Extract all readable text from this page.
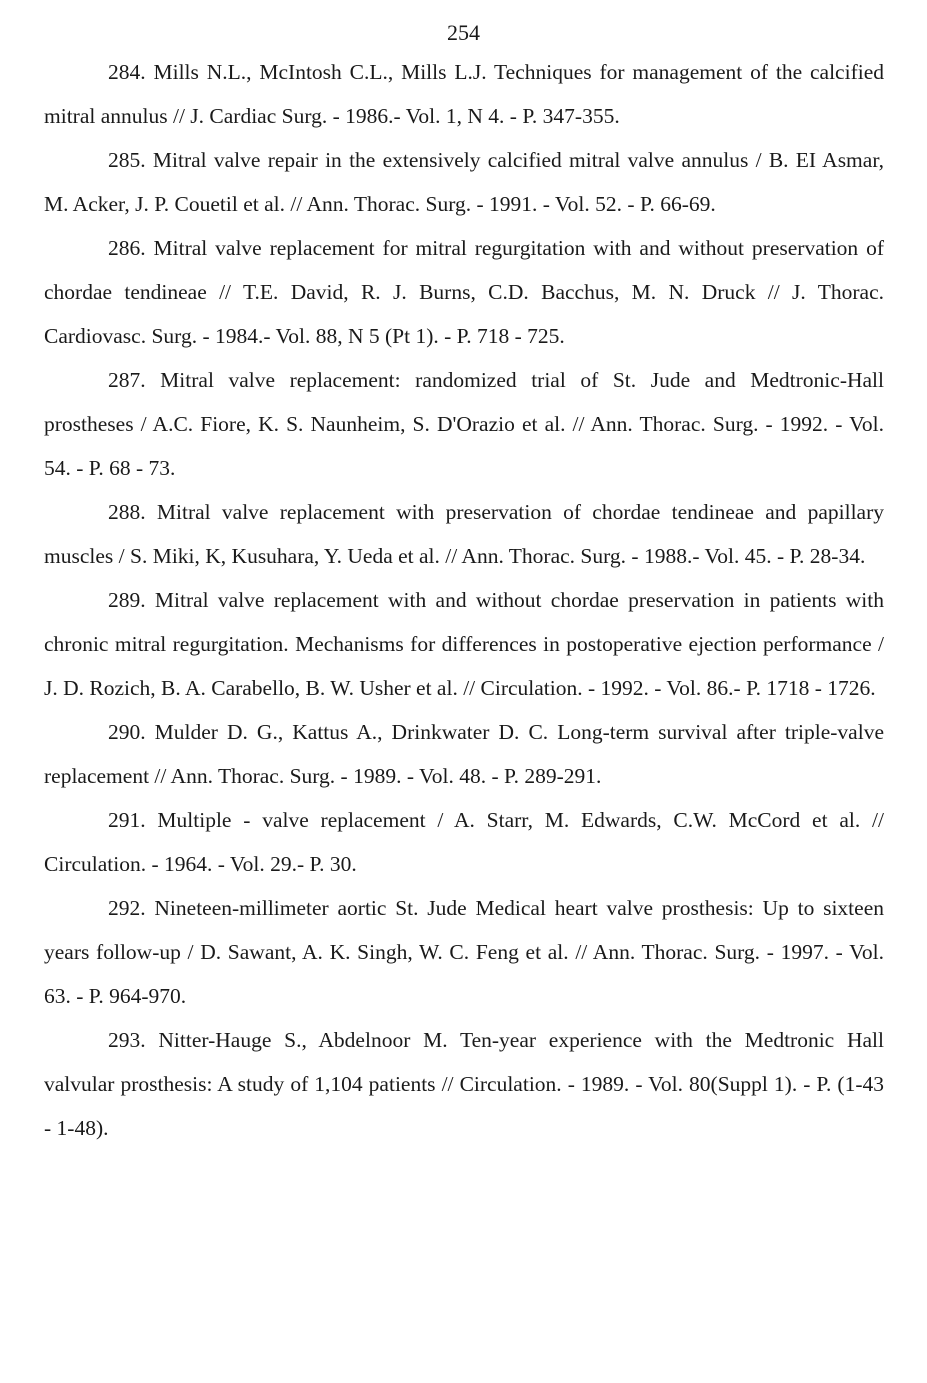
254

284. Mills N.L., McIntosh C.L., Mills L.J. Techniques for management of the calcified mitral annulus // J. Cardiac Surg. - 1986.- Vol. 1, N 4. - P. 347-355.

285. Mitral valve repair in the extensively calcified mitral valve annulus / B. EI Asmar, M. Acker, J. P. Couetil et al. // Ann. Thorac. Surg. - 1991. - Vol. 52. - P. 66-69.

286. Mitral valve replacement for mitral regurgitation with and without preservation of chordae tendineae // T.E. David, R. J. Burns, C.D. Bacchus, M. N. Druck // J. Thorac. Cardiovasc. Surg. - 1984.- Vol. 88, N 5 (Pt 1). - P. 718 - 725.

287. Mitral valve replacement: randomized trial of St. Jude and Medtronic-Hall prostheses / A.C. Fiore, K. S. Naunheim, S. D'Orazio et al. // Ann. Thorac. Surg. - 1992. - Vol. 54. - P. 68 - 73.

288. Mitral valve replacement with preservation of chordae tendineae and papillary muscles / S. Miki, K, Kusuhara, Y. Ueda et al. // Ann. Thorac. Surg. - 1988.- Vol. 45. - P. 28-34.

289. Mitral valve replacement with and without chordae preservation in patients with chronic mitral regurgitation. Mechanisms for differences in postoperative ejection performance / J. D. Rozich, B. A. Carabello, B. W. Usher et al. // Circulation. - 1992. - Vol. 86.- P. 1718 - 1726.

290. Mulder D. G., Kattus A., Drinkwater D. C. Long-term survival after triple-valve replacement // Ann. Thorac. Surg. - 1989. - Vol. 48. - P. 289-291.

291. Multiple - valve replacement / A. Starr, M. Edwards, C.W. McCord et al. // Circulation. - 1964. - Vol. 29.- P. 30.

292. Nineteen-millimeter aortic St. Jude Medical heart valve prosthesis: Up to sixteen years follow-up / D. Sawant, A. K. Singh, W. C. Feng et al. // Ann. Thorac. Surg. - 1997. - Vol. 63. - P. 964-970.

293. Nitter-Hauge S., Abdelnoor M. Ten-year experience with the Medtronic Hall valvular prosthesis: A study of 1,104 patients // Circulation. - 1989. - Vol. 80(Suppl 1). - P. (1-43 - 1-48).
